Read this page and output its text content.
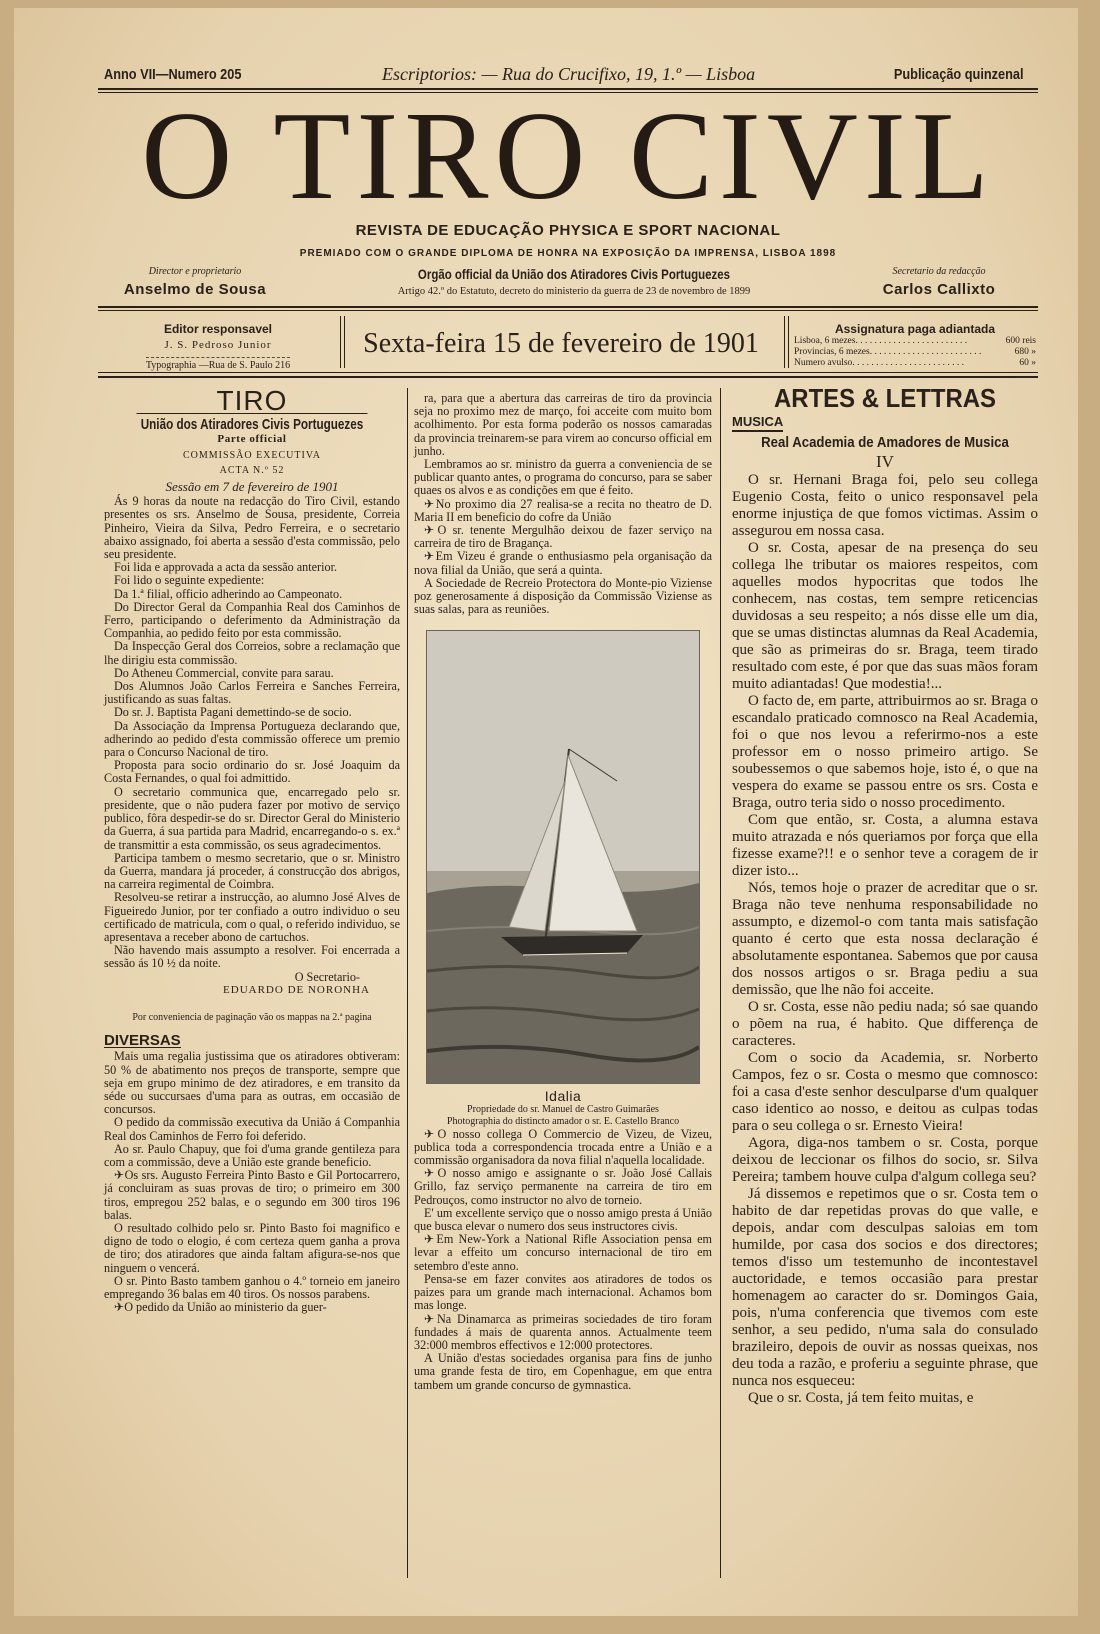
Anno VII—Numero 205	Escriptorios: — Rua do Crucifixo, 19, 1.º — Lisboa	Publicação quinzenal
O TIRO CIVIL
REVISTA DE EDUCAÇÃO PHYSICA E SPORT NACIONAL
PREMIADO COM O GRANDE DIPLOMA DE HONRA NA EXPOSIÇÃO DA IMPRENSA, LISBOA 1898
Director e proprietario
Anselmo de Sousa
Orgão official da União dos Atiradores Civis Portuguezes
Artigo 42.º do Estatuto, decreto do ministerio da guerra de 23 de novembro de 1899
Secretario da redacção
Carlos Callixto
Editor responsavel
J. S. Pedroso Junior
Typographia —Rua de S. Paulo 216
Sexta-feira 15 de fevereiro de 1901	Assignatura paga adiantada
Lisboa, 6 mezes . . . . . . . . . . . . . . . . . . . . . . . .	600 reis
Provincias, 6 mezes . . . . . . . . . . . . . . . . . . . . . . . .	680 »
Numero avulso . . . . . . . . . . . . . . . . . . . . . . . .	60 »
TIRO
União dos Atiradores Civis Portuguezes
Parte official
COMMISSÃO EXECUTIVA
ACTA N.º 52
Sessão em 7 de fevereiro de 1901

Ás 9 horas da noute na redacção do Tiro Civil, estando presentes os srs. Anselmo de Sousa, presidente, Correia Pinheiro, Vieira da Silva, Pedro Ferreira, e o secretario abaixo assignado, foi aberta a sessão d'esta commissão, pelo seu presidente.

Foi lida e approvada a acta da sessão anterior.

Foi lido o seguinte expediente:

Da 1.ª filial, officio adherindo ao Campeonato.

Do Director Geral da Companhia Real dos Caminhos de Ferro, participando o deferimento da Administração da Companhia, ao pedido feito por esta commissão.

Da Inspecção Geral dos Correios, sobre a reclamação que lhe dirigiu esta commissão.

Do Atheneu Commercial, convite para sarau.

Dos Alumnos João Carlos Ferreira e Sanches Ferreira, justificando as suas faltas.

Do sr. J. Baptista Pagani demettindo-se de socio.

Da Associação da Imprensa Portugueza declarando que, adherindo ao pedido d'esta commissão offerece um premio para o Concurso Nacional de tiro.

Proposta para socio ordinario do sr. José Joaquim da Costa Fernandes, o qual foi admittido.

O secretario communica que, encarregado pelo sr. presidente, que o não pudera fazer por motivo de serviço publico, fôra despedir-se do sr. Director Geral do Ministerio da Guerra, á sua partida para Madrid, encarregando-o s. ex.ª de transmittir a esta commissão, os seus agradecimentos.

Participa tambem o mesmo secretario, que o sr. Ministro da Guerra, mandara já proceder, á construcção dos abrigos, na carreira regimental de Coimbra.

Resolveu-se retirar a instrucção, ao alumno José Alves de Figueiredo Junior, por ter confiado a outro individuo o seu certificado de matricula, com o qual, o referido individuo, se apresentava a receber abono de cartuchos.

Não havendo mais assumpto a resolver. Foi encerrada a sessão ás 10 ½ da noite.

O Secretario-
EDUARDO DE NORONHA
Por conveniencia de paginação vão os mappas na 2.ª pagina
DIVERSAS

Mais uma regalia justissima que os atiradores obtiveram: 50 % de abatimento nos preços de transporte, sempre que seja em grupo minimo de dez atiradores, e em transito da séde ou succursaes d'uma para as outras, em occasião de concursos.

O pedido da commissão executiva da União á Companhia Real dos Caminhos de Ferro foi deferido.

Ao sr. Paulo Chapuy, que foi d'uma grande gentileza para com a commissão, deve a União este grande beneficio.

✈Os srs. Augusto Ferreira Pinto Basto e Gil Portocarrero, já concluiram as suas provas de tiro; o primeiro em 300 tiros, empregou 252 balas, e o segundo em 300 tiros 196 balas.

O resultado colhido pelo sr. Pinto Basto foi magnifico e digno de todo o elogio, é com certeza quem ganha a prova de tiro; dos atiradores que ainda faltam afigura-se-nos que ninguem o vencerá.

O sr. Pinto Basto tambem ganhou o 4.º torneio em janeiro empregando 36 balas em 40 tiros. Os nossos parabens.

✈O pedido da União ao ministerio da guer-

ra, para que a abertura das carreiras de tiro da provincia seja no proximo mez de março, foi acceite com muito bom acolhimento. Por esta forma poderão os nossos camaradas da provincia treinarem-se para virem ao concurso official em junho.

Lembramos ao sr. ministro da guerra a conveniencia de se publicar quanto antes, o programa do concurso, para se saber quaes os alvos e as condições em que é feito.

✈No proximo dia 27 realisa-se a recita no theatro de D. Maria II em beneficio do cofre da União

✈O sr. tenente Mergulhão deixou de fazer serviço na carreira de tiro de Bragança.

✈Em Vizeu é grande o enthusiasmo pela organisação da nova filial da União, que será a quinta.

A Sociedade de Recreio Protectora do Monte-pio Viziense poz generosamente á disposição da Commissão Viziense as suas salas, para as reuniões.

Idalia
Propriedade do sr. Manuel de Castro Guimarães
Photographia do distincto amador o sr. E. Castello Branco

✈O nosso collega O Commercio de Vizeu, de Vizeu, publica toda a correspondencia trocada entre a União e a commissão organisadora da nova filial n'aquella localidade.

✈O nosso amigo e assignante o sr. João José Callais Grillo, faz serviço permanente na carreira de tiro em Pedrouços, como instructor no alvo de torneio.

E' um excellente serviço que o nosso amigo presta á União que busca elevar o numero dos seus instructores civis.

✈Em New-York a National Rifle Association pensa em levar a effeito um concurso internacional de tiro em setembro d'este anno.

Pensa-se em fazer convites aos atiradores de todos os paizes para um grande mach internacional. Achamos bom mas longe.

✈Na Dinamarca as primeiras sociedades de tiro foram fundades á mais de quarenta annos. Actualmente teem 32:000 membros effectivos e 12:000 protectores.

A União d'estas sociedades organisa para fins de junho uma grande festa de tiro, em Copenhague, em que entra tambem um grande concurso de gymnastica.

ARTES & LETTRAS
MUSICA
Real Academia de Amadores de Musica
IV

O sr. Hernani Braga foi, pelo seu collega Eugenio Costa, feito o unico responsavel pela enorme injustiça de que fomos victimas. Assim o assegurou em nossa casa.

O sr. Costa, apesar de na presença do seu collega lhe tributar os maiores respeitos, com aquelles modos hypocritas que todos lhe conhecem, nas costas, tem sempre reticencias duvidosas a seu respeito; a nós disse elle um dia, que se umas distinctas alumnas da Real Academia, que são as primeiras do sr. Braga, teem tirado resultado com este, é por que das suas mãos foram muito adiantadas! Que modestia!...

O facto de, em parte, attribuirmos ao sr. Braga o escandalo praticado comnosco na Real Academia, foi o que nos levou a referirmo-nos a este professor em o nosso primeiro artigo. Se soubessemos o que sabemos hoje, isto é, o que na vespera do exame se passou entre os srs. Costa e Braga, outro teria sido o nosso procedimento.

Com que então, sr. Costa, a alumna estava muito atrazada e nós queriamos por força que ella fizesse exame?!! e o senhor teve a coragem de ir dizer isto...

Nós, temos hoje o prazer de acreditar que o sr. Braga não teve nenhuma responsabilidade no assumpto, e dizemol-o com tanta mais satisfação quanto é certo que esta nossa declaração é absolutamente espontanea. Sabemos que por causa dos nossos artigos o sr. Braga pediu a sua demissão, que lhe não foi acceite.

O sr. Costa, esse não pediu nada; só sae quando o põem na rua, é habito. Que differença de caracteres.

Com o socio da Academia, sr. Norberto Campos, fez o sr. Costa o mesmo que comnosco: foi a casa d'este senhor desculparse d'um qualquer caso identico ao nosso, e deitou as culpas todas para o seu collega o sr. Ernesto Vieira!

Agora, diga-nos tambem o sr. Costa, porque deixou de leccionar os filhos do socio, sr. Silva Pereira; tambem houve culpa d'algum collega seu?

Já dissemos e repetimos que o sr. Costa tem o habito de dar repetidas provas do que valle, e depois, andar com desculpas saloias em tom humilde, por casa dos socios e dos directores; temos d'isso um testemunho de incontestavel auctoridade, e temos occasião para prestar homenagem ao caracter do sr. Domingos Gaia, pois, n'uma conferencia que tivemos com este senhor, a seu pedido, n'uma sala do consulado brazileiro, depois de ouvir as nossas queixas, nos deu toda a razão, e proferiu a seguinte phrase, que nunca nos esqueceu:

Que o sr. Costa, já tem feito muitas, e
